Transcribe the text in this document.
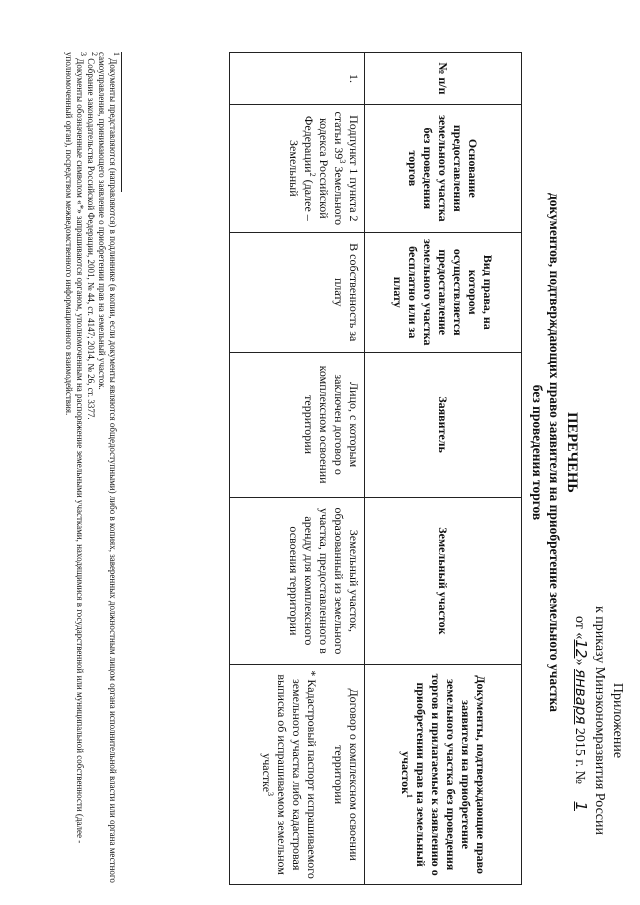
Приложение
к приказу Минэкономразвития России
от «12» января 2015 г. № 1
ПЕРЕЧЕНЬ
документов, подтверждающих право заявителя на приобретение земельного участка
без проведения торгов
№ п/п	Основание предоставления земельного участка без проведения торгов	Вид права, на котором осуществляется предоставление земельного участка бесплатно или за плату	Заявитель	Земельный участок	Документы, подтверждающие право заявителя на приобретение земельного участка без проведения торгов и прилагаемые к заявлению о приобретении прав на земельный участок$^1$
1.	Подпункт 1 пункта 2 статьи $39^3$ Земельного кодекса Российской Федерации$^2$ (далее – Земельный	В собственность за плату	Лицо, с которым заключен договор о комплексном освоении территории	Земельный участок, образованный из земельного участка, предоставленного в аренду для комплексного освоения территории	Договор о комплексном освоении территории
* Кадастровый паспорт испрашиваемого земельного участка либо кадастровая выписка об испрашиваемом земельном участке$^3$

$^1$ Документы представляются (направляются) в подлиннике (в копии, если документы являются общедоступными) либо в копиях, заверенных должностным лицом органа исполнительной власти или органа местного самоуправления, принимающего заявление о приобретении прав на земельный участок.

$^2$ Собрание законодательства Российской Федерации, 2001, № 44, ст. 4147; 2014, № 26, ст. 3377.

$^3$ Документы обозначенные символом «*» запрашиваются органом, уполномоченным на распоряжение земельными участками, находящимися в государственной или муниципальной собственности (далее - уполномоченный орган), посредством межведомственного информационного взаимодействия.
